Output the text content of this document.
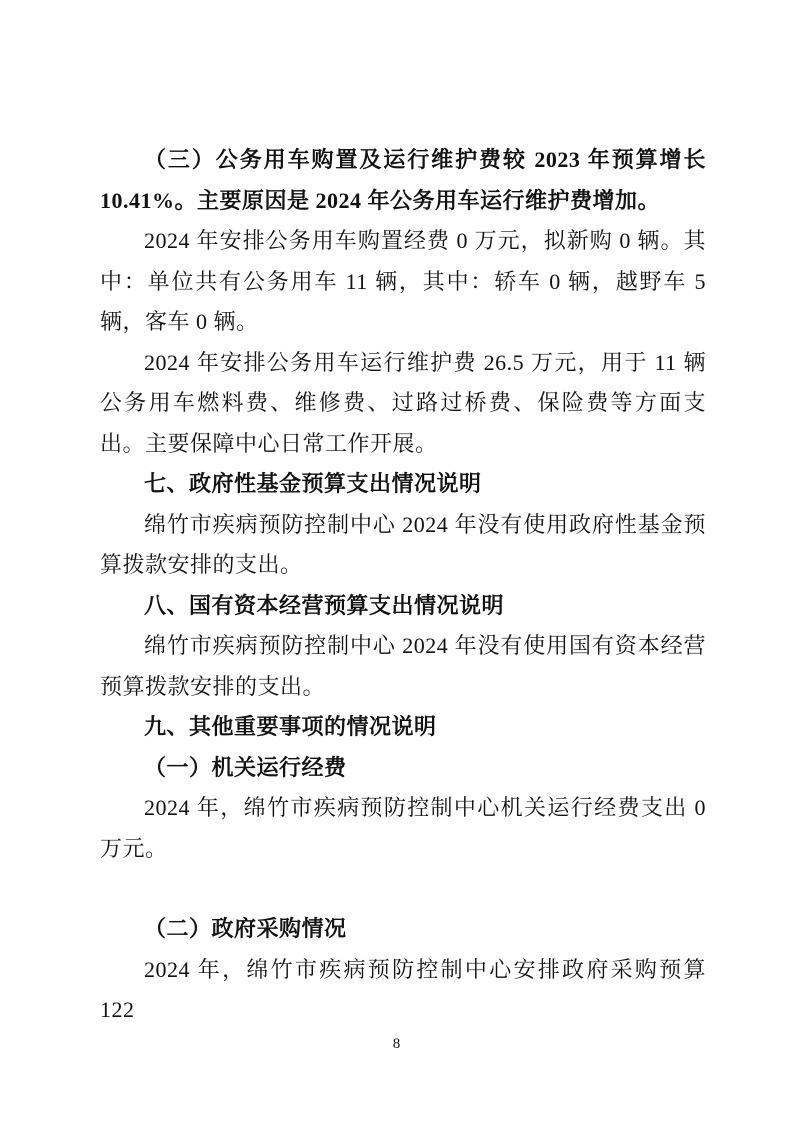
（三）公务用车购置及运行维护费较 2023 年预算增长 10.41%。主要原因是 2024 年公务用车运行维护费增加。

2024 年安排公务用车购置经费 0 万元，拟新购 0 辆。其中：单位共有公务用车 11 辆，其中：轿车 0 辆，越野车 5 辆，客车 0 辆。

2024 年安排公务用车运行维护费 26.5 万元，用于 11 辆公务用车燃料费、维修费、过路过桥费、保险费等方面支出。主要保障中心日常工作开展。

七、政府性基金预算支出情况说明

绵竹市疾病预防控制中心 2024 年没有使用政府性基金预算拨款安排的支出。

八、国有资本经营预算支出情况说明

绵竹市疾病预防控制中心 2024 年没有使用国有资本经营预算拨款安排的支出。

九、其他重要事项的情况说明

（一）机关运行经费

2024 年，绵竹市疾病预防控制中心机关运行经费支出 0 万元。

（二）政府采购情况

2024 年，绵竹市疾病预防控制中心安排政府采购预算 122

8
